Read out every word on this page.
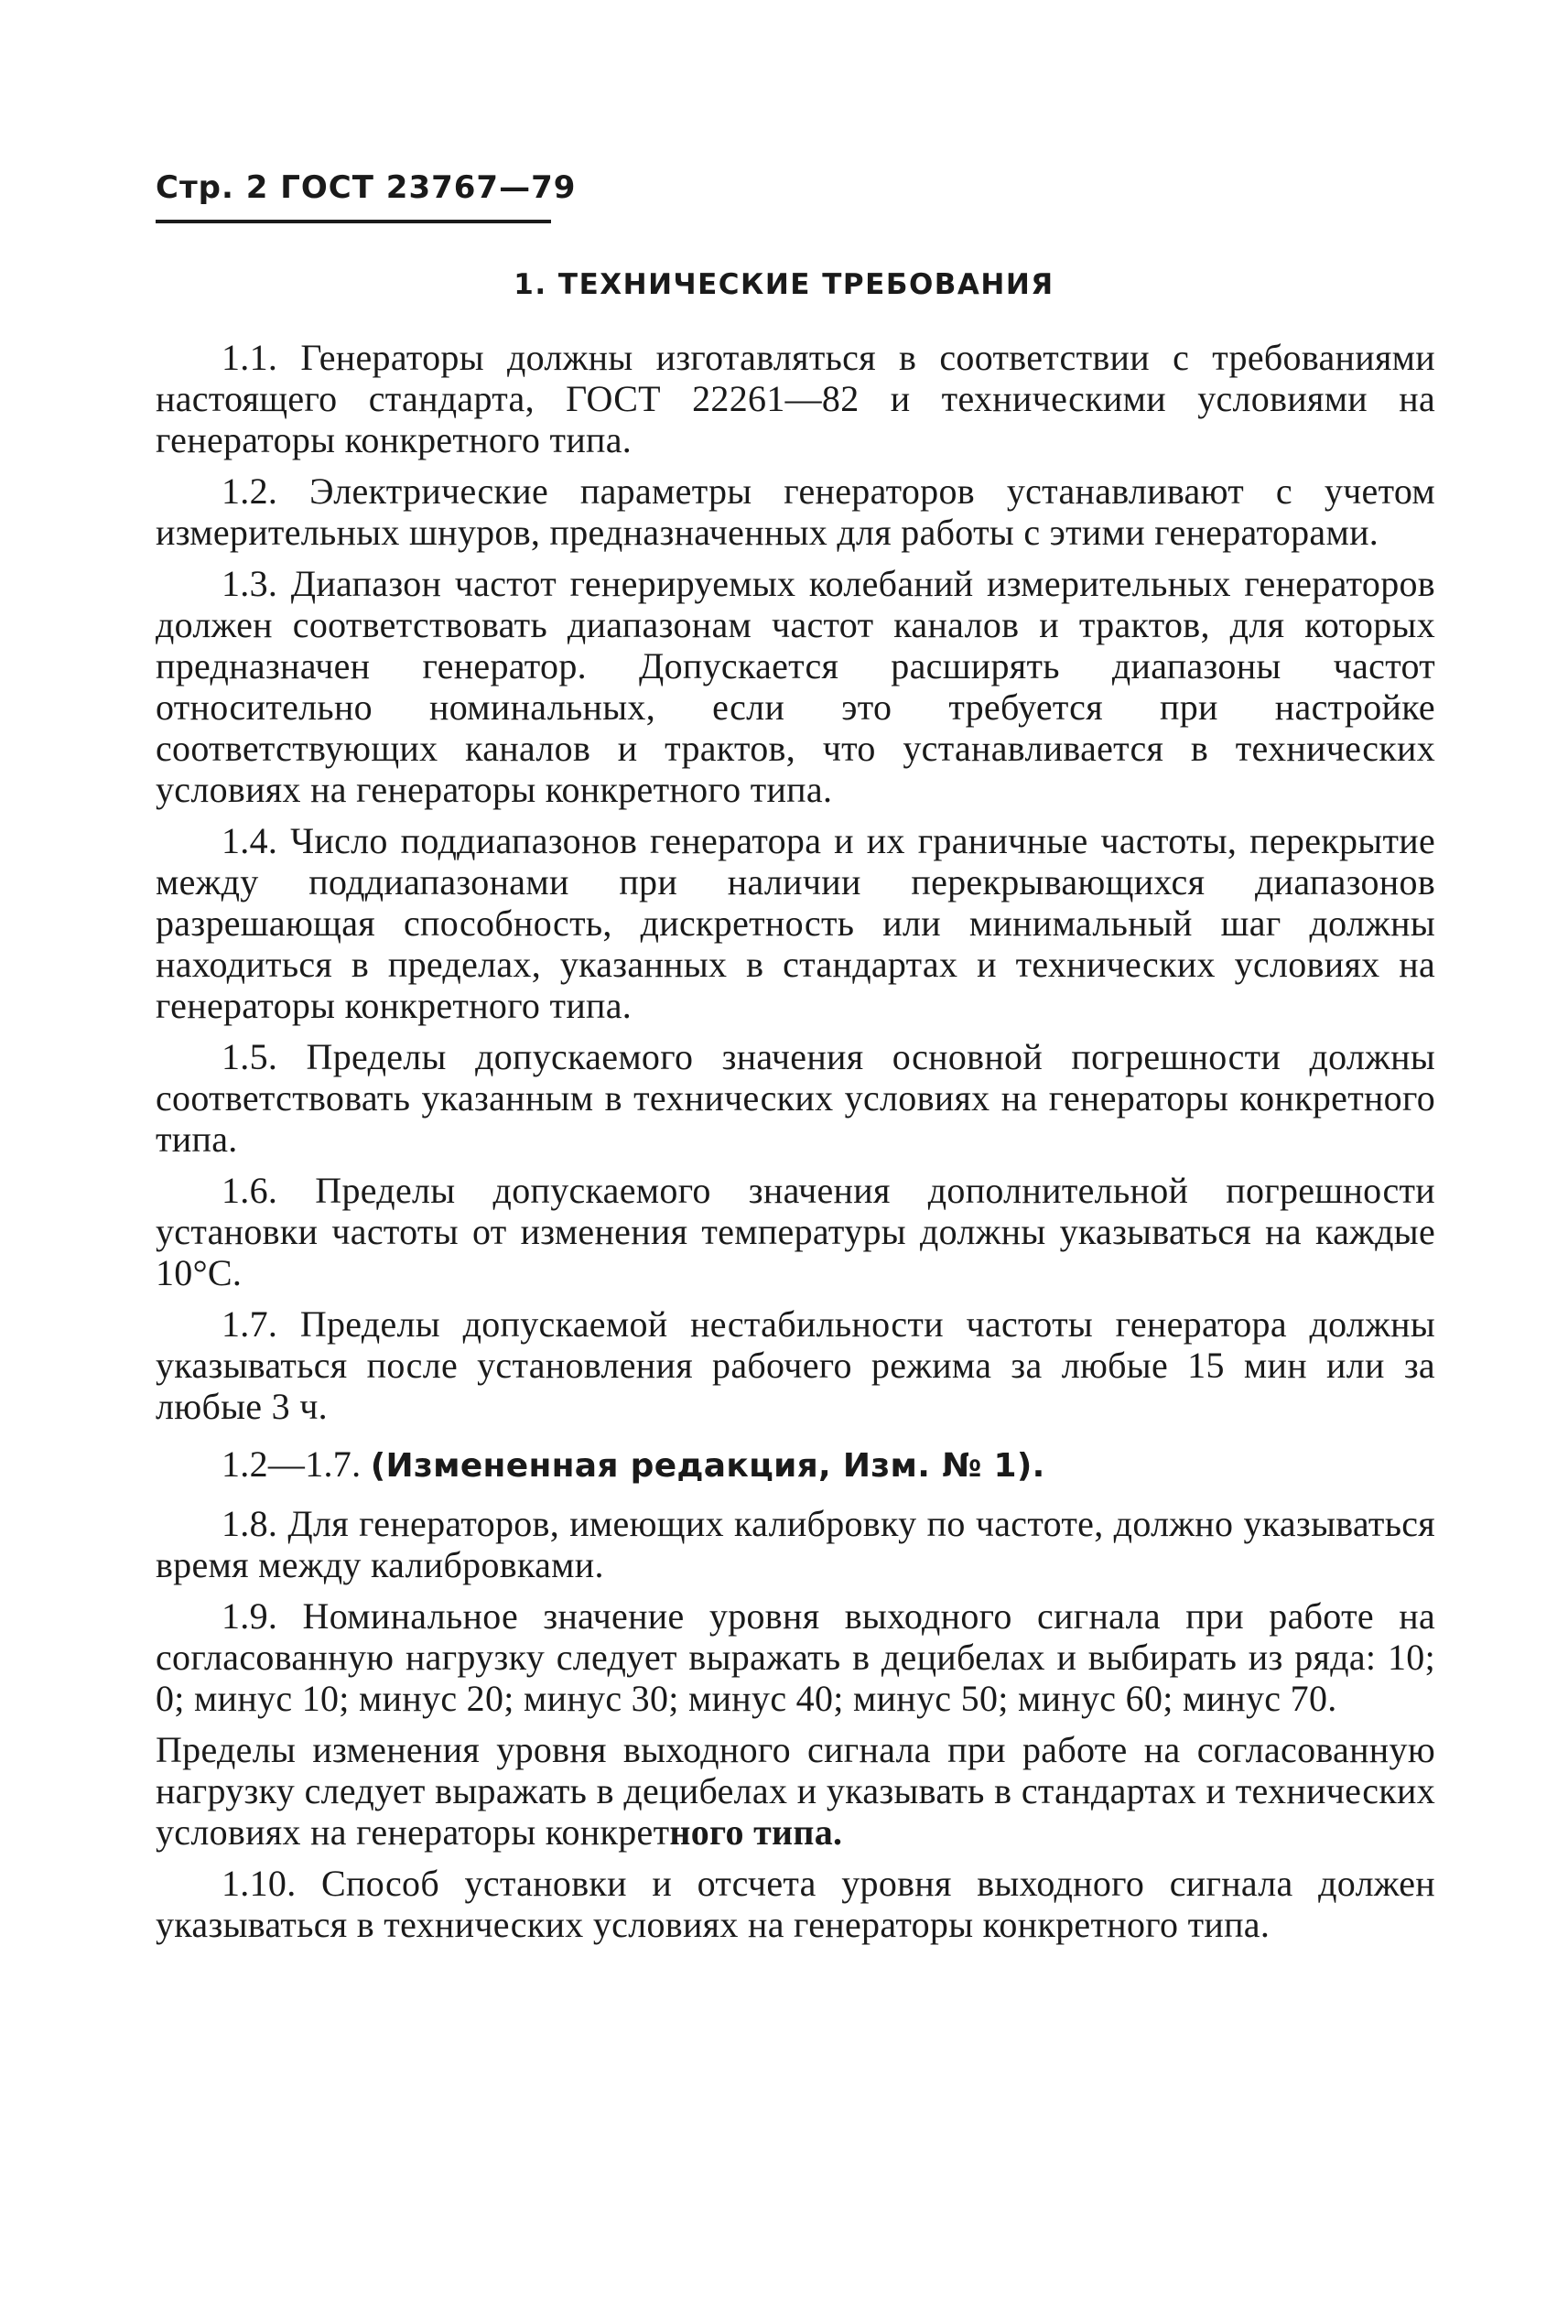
Стр. 2 ГОСТ 23767—79
1. ТЕХНИЧЕСКИЕ ТРЕБОВАНИЯ

1.1. Генераторы должны изготавляться в соответствии с требованиями настоящего стандарта, ГОСТ 22261—82 и техническими условиями на генераторы конкретного типа.

1.2. Электрические параметры генераторов устанавливают с учетом измерительных шнуров, предназначенных для работы с этими генераторами.

1.3. Диапазон частот генерируемых колебаний измерительных генераторов должен соответствовать диапазонам частот каналов и трактов, для которых предназначен генератор. Допускается расширять диапазоны частот относительно номинальных, если это требуется при настройке соответствующих каналов и трактов, что устанавливается в технических условиях на генераторы конкретного типа.

1.4. Число поддиапазонов генератора и их граничные частоты, перекрытие между поддиапазонами при наличии перекрывающихся диапазонов разрешающая способность, дискретность или минимальный шаг должны находиться в пределах, указанных в стандартах и технических условиях на генераторы конкретного типа.

1.5. Пределы допускаемого значения основной погрешности должны соответствовать указанным в технических условиях на генераторы конкретного типа.

1.6. Пределы допускаемого значения дополнительной погрешности установки частоты от изменения температуры должны указываться на каждые 10°С.

1.7. Пределы допускаемой нестабильности частоты генератора должны указываться после установления рабочего режима за любые 15 мин или за любые 3 ч.

1.2—1.7. (Измененная редакция, Изм. № 1).

1.8. Для генераторов, имеющих калибровку по частоте, должно указываться время между калибровками.

1.9. Номинальное значение уровня выходного сигнала при работе на согласованную нагрузку следует выражать в децибелах и выбирать из ряда: 10; 0; минус 10; минус 20; минус 30; минус 40; минус 50; минус 60; минус 70.

Пределы изменения уровня выходного сигнала при работе на согласованную нагрузку следует выражать в децибелах и указывать в стандартах и технических условиях на генераторы конкретного типа.

1.10. Способ установки и отсчета уровня выходного сигнала должен указываться в технических условиях на генераторы конкретного типа.
